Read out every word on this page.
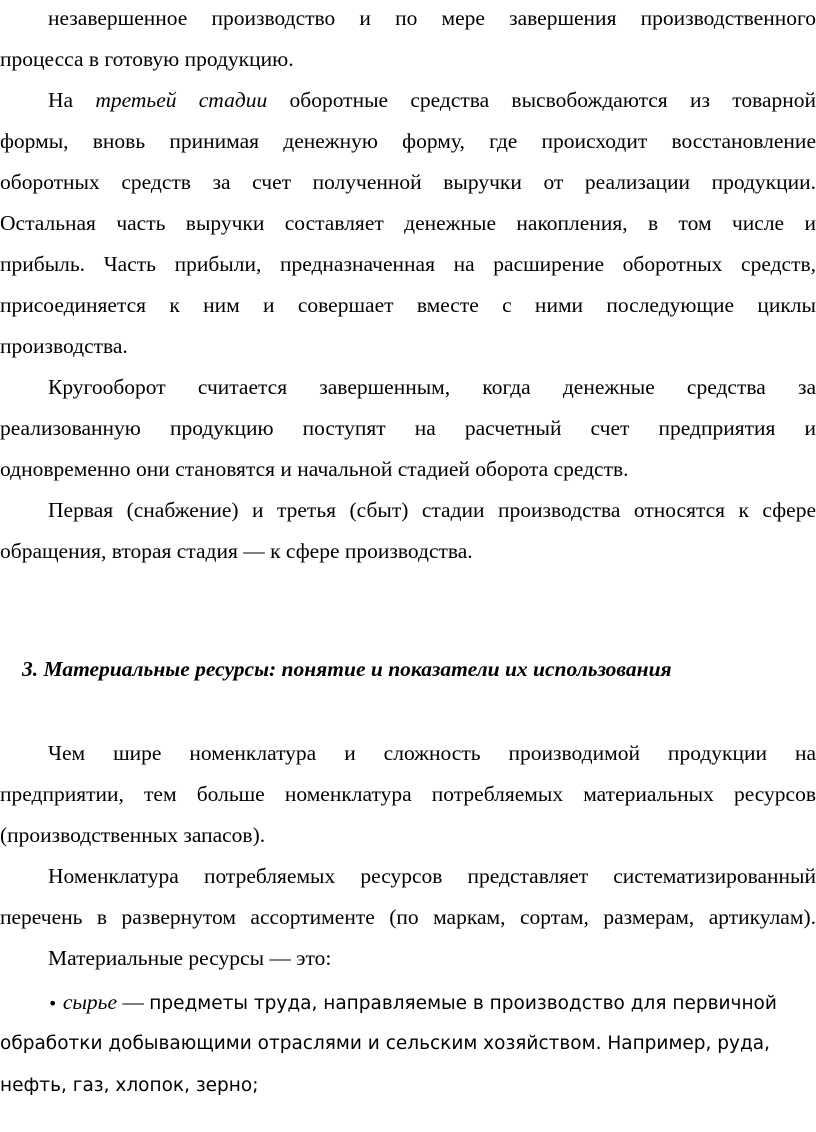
незавершенное производство и по мере завершения производственного
процесса в готовую продукцию.
На третьей стадии оборотные средства высвобождаются из товарной
формы, вновь принимая денежную форму, где происходит восстановление
оборотных средств за счет полученной выручки от реализации продукции.
Остальная часть выручки составляет денежные накопления, в том числе и
прибыль. Часть прибыли, предназначенная на расширение оборотных средств,
присоединяется к ним и совершает вместе с ними последующие циклы
производства.
Кругооборот считается завершенным, когда денежные средства за
реализованную продукцию поступят на расчетный счет предприятия и
одновременно они становятся и начальной стадией оборота средств.
Первая (снабжение) и третья (сбыт) стадии производства относятся к сфере
обращения, вторая стадия — к сфере производства.
3. Материальные ресурсы: понятие и показатели их использования
Чем шире номенклатура и сложность производимой продукции на
предприятии, тем больше номенклатура потребляемых материальных ресурсов
(производственных запасов).
Номенклатура потребляемых ресурсов представляет систематизированный
перечень в развернутом ассортименте (по маркам, сортам, размерам, артикулам).
Материальные ресурсы — это:
• сырье — предметы труда, направляемые в производство для первичной
обработки добывающими отраслями и сельским хозяйством. Например, руда,
нефть, газ, хлопок, зерно;
